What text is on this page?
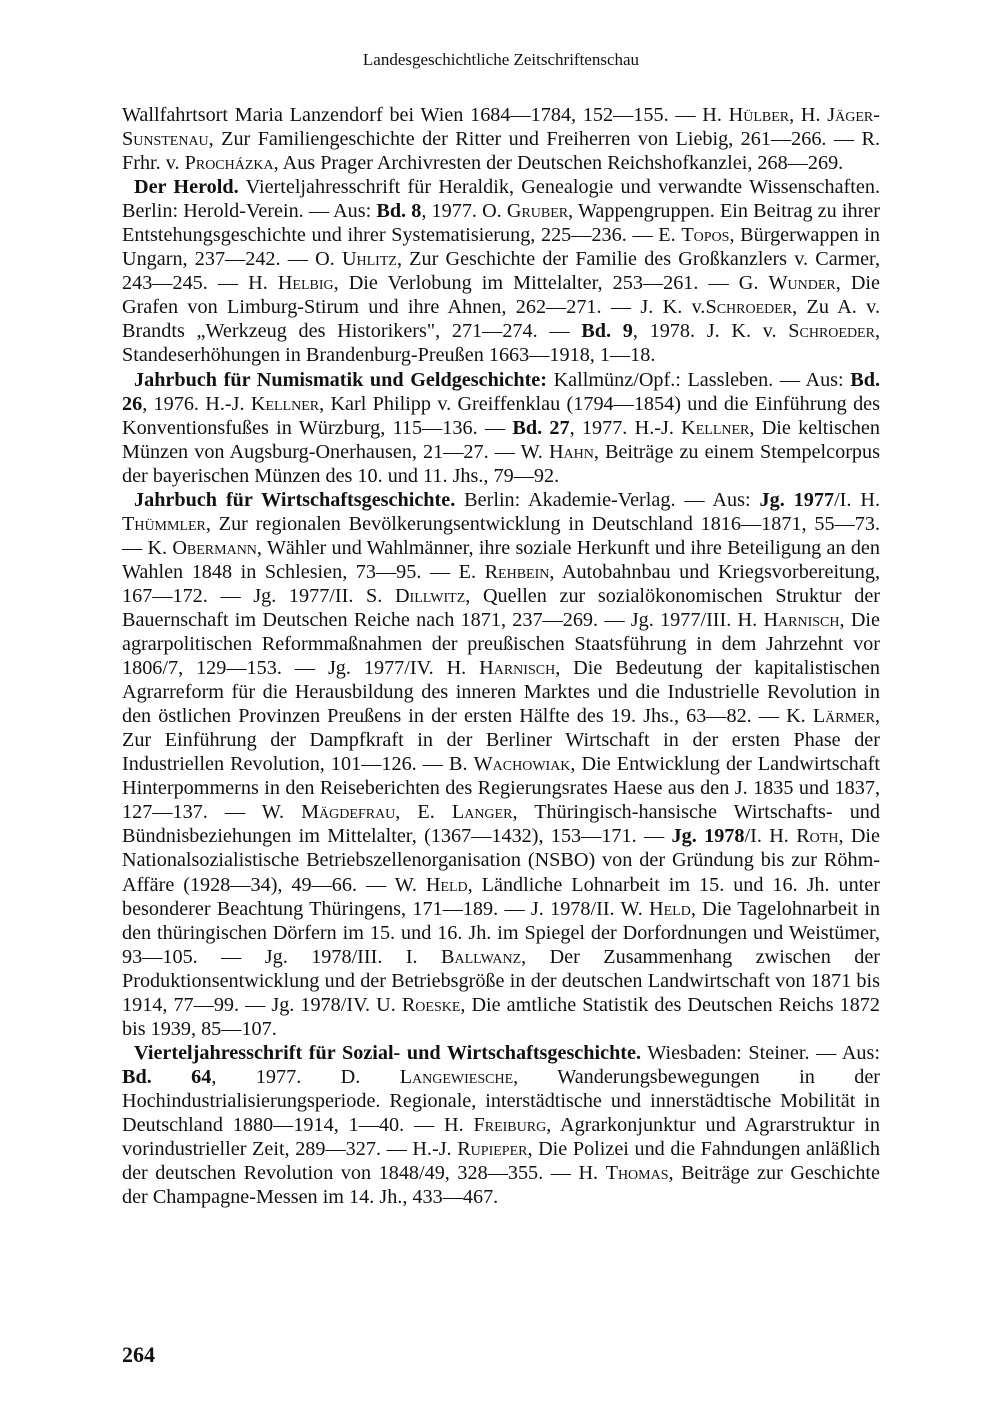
Landesgeschichtliche Zeitschriftenschau

Wallfahrtsort Maria Lanzendorf bei Wien 1684—1784, 152—155. — H. Hülber, H. Jäger-Sunstenau, Zur Familiengeschichte der Ritter und Freiherren von Liebig, 261—266. — R. Frhr. v. Procházka, Aus Prager Archivresten der Deutschen Reichshofkanzlei, 268—269.

Der Herold. Vierteljahresschrift für Heraldik, Genealogie und verwandte Wissenschaften. Berlin: Herold-Verein. — Aus: Bd. 8, 1977. O. Gruber, Wappengruppen. Ein Beitrag zu ihrer Entstehungsgeschichte und ihrer Systematisierung, 225—236. — E. Topos, Bürgerwappen in Ungarn, 237—242. — O. Uhlitz, Zur Geschichte der Familie des Großkanzlers v. Carmer, 243—245. — H. Helbig, Die Verlobung im Mittelalter, 253—261. — G. Wunder, Die Grafen von Limburg-Stirum und ihre Ahnen, 262—271. — J. K. v.Schroeder, Zu A. v. Brandts „Werkzeug des Historikers", 271—274. — Bd. 9, 1978. J. K. v. Schroeder, Standeserhöhungen in Brandenburg-Preußen 1663—1918, 1—18.

Jahrbuch für Numismatik und Geldgeschichte: Kallmünz/Opf.: Lassleben. — Aus: Bd. 26, 1976. H.-J. Kellner, Karl Philipp v. Greiffenklau (1794—1854) und die Einführung des Konventionsfußes in Würzburg, 115—136. — Bd. 27, 1977. H.-J. Kellner, Die keltischen Münzen von Augsburg-Onerhausen, 21—27. — W. Hahn, Beiträge zu einem Stempelcorpus der bayerischen Münzen des 10. und 11. Jhs., 79—92.

Jahrbuch für Wirtschaftsgeschichte. Berlin: Akademie-Verlag. — Aus: Jg. 1977/I. H. Thümmler, Zur regionalen Bevölkerungsentwicklung in Deutschland 1816—1871, 55—73. — K. Obermann, Wähler und Wahlmänner, ihre soziale Herkunft und ihre Beteiligung an den Wahlen 1848 in Schlesien, 73—95. — E. Rehbein, Autobahnbau und Kriegsvorbereitung, 167—172. — Jg. 1977/II. S. Dillwitz, Quellen zur sozialökonomischen Struktur der Bauernschaft im Deutschen Reiche nach 1871, 237—269. — Jg. 1977/III. H. Harnisch, Die agrarpolitischen Reformmaßnahmen der preußischen Staatsführung in dem Jahrzehnt vor 1806/7, 129—153. — Jg. 1977/IV. H. Harnisch, Die Bedeutung der kapitalistischen Agrarreform für die Herausbildung des inneren Marktes und die Industrielle Revolution in den östlichen Provinzen Preußens in der ersten Hälfte des 19. Jhs., 63—82. — K. Lärmer, Zur Einführung der Dampfkraft in der Berliner Wirtschaft in der ersten Phase der Industriellen Revolution, 101—126. — B. Wachowiak, Die Entwicklung der Landwirtschaft Hinterpommerns in den Reiseberichten des Regierungsrates Haese aus den J. 1835 und 1837, 127—137. — W. Mägdefrau, E. Langer, Thüringisch-hansische Wirtschafts- und Bündnisbeziehungen im Mittelalter, (1367—1432), 153—171. — Jg. 1978/I. H. Roth, Die Nationalsozialistische Betriebszellenorganisation (NSBO) von der Gründung bis zur Röhm-Affäre (1928—34), 49—66. — W. Held, Ländliche Lohnarbeit im 15. und 16. Jh. unter besonderer Beachtung Thüringens, 171—189. — J. 1978/II. W. Held, Die Tagelohnarbeit in den thüringischen Dörfern im 15. und 16. Jh. im Spiegel der Dorfordnungen und Weistümer, 93—105. — Jg. 1978/III. I. Ballwanz, Der Zusammenhang zwischen der Produktionsentwicklung und der Betriebsgröße in der deutschen Landwirtschaft von 1871 bis 1914, 77—99. — Jg. 1978/IV. U. Roeske, Die amtliche Statistik des Deutschen Reichs 1872 bis 1939, 85—107.

Vierteljahresschrift für Sozial- und Wirtschaftsgeschichte. Wiesbaden: Steiner. — Aus: Bd. 64, 1977. D. Langewiesche, Wanderungsbewegungen in der Hochindustrialisierungsperiode. Regionale, interstädtische und innerstädtische Mobilität in Deutschland 1880—1914, 1—40. — H. Freiburg, Agrarkonjunktur und Agrarstruktur in vorindustrieller Zeit, 289—327. — H.-J. Rupieper, Die Polizei und die Fahndungen anläßlich der deutschen Revolution von 1848/49, 328—355. — H. Thomas, Beiträge zur Geschichte der Champagne-Messen im 14. Jh., 433—467.

264
